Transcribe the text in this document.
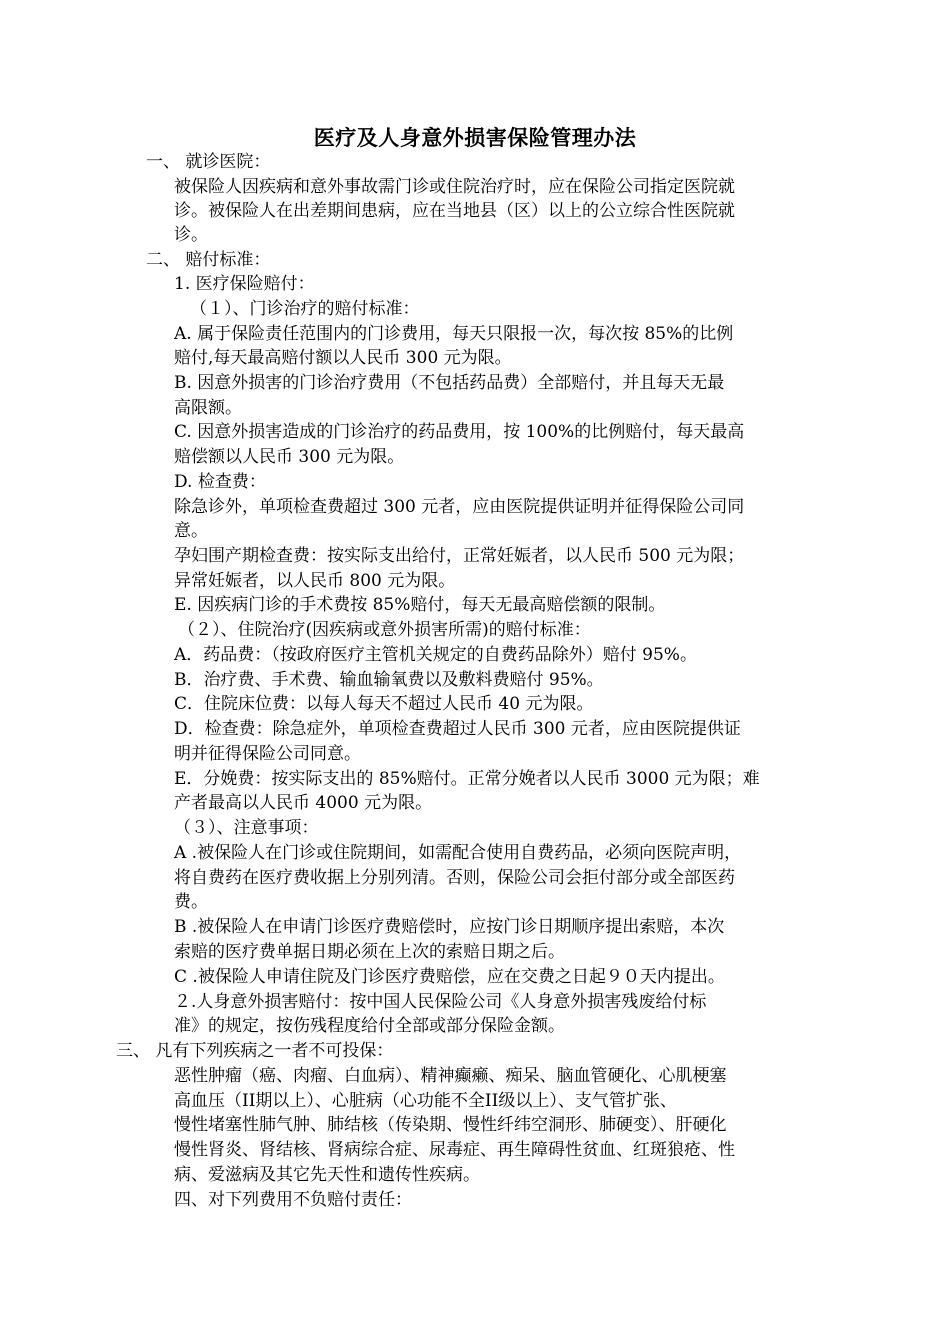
医疗及人身意外损害保险管理办法
一、 就诊医院：
被保险人因疾病和意外事故需门诊或住院治疗时，应在保险公司指定医院就
诊。被保险人在出差期间患病，应在当地县（区）以上的公立综合性医院就
诊。
二、 赔付标准：
1. 医疗保险赔付：
（１）、门诊治疗的赔付标准：
A. 属于保险责任范围内的门诊费用，每天只限报一次，每次按 85%的比例
赔付,每天最高赔付额以人民币 300 元为限。
B. 因意外损害的门诊治疗费用（不包括药品费）全部赔付，并且每天无最
高限额。
C. 因意外损害造成的门诊治疗的药品费用，按 100%的比例赔付，每天最高
赔偿额以人民币 300 元为限。
D. 检查费：
除急诊外，单项检查费超过 300 元者，应由医院提供证明并征得保险公司同
意。
孕妇围产期检查费：按实际支出给付，正常妊娠者，以人民币 500 元为限；
异常妊娠者，以人民币 800 元为限。
E. 因疾病门诊的手术费按 85%赔付，每天无最高赔偿额的限制。
（２）、住院治疗(因疾病或意外损害所需)的赔付标准：
A．药品费：（按政府医疗主管机关规定的自费药品除外）赔付 95%。
B．治疗费、手术费、输血输氧费以及敷料费赔付 95%。
C．住院床位费：以每人每天不超过人民币 40 元为限。
D．检查费：除急症外，单项检查费超过人民币 300 元者，应由医院提供证
明并征得保险公司同意。
E．分娩费：按实际支出的 85%赔付。正常分娩者以人民币 3000 元为限；难
产者最高以人民币 4000 元为限。
（３）、注意事项：
A .被保险人在门诊或住院期间，如需配合使用自费药品，必须向医院声明，
将自费药在医疗费收据上分别列清。否则，保险公司会拒付部分或全部医药
费。
B .被保险人在申请门诊医疗费赔偿时，应按门诊日期顺序提出索赔，本次
索赔的医疗费单据日期必须在上次的索赔日期之后。
C .被保险人申请住院及门诊医疗费赔偿，应在交费之日起９０天内提出。
２.人身意外损害赔付：按中国人民保险公司《人身意外损害残废给付标
准》的规定，按伤残程度给付全部或部分保险金额。
三、 凡有下列疾病之一者不可投保：
恶性肿瘤（癌、肉瘤、白血病）、精神癫癞、痴呆、脑血管硬化、心肌梗塞
高血压（ⅠⅠ期以上）、心脏病（心功能不全ⅠⅠ级以上）、支气管扩张、
慢性堵塞性肺气肿、肺结核（传染期、慢性纤纬空洞形、肺硬变）、肝硬化
慢性肾炎、肾结核、肾病综合症、尿毒症、再生障碍性贫血、红斑狼疮、性
病、爱滋病及其它先天性和遗传性疾病。
四、对下列费用不负赔付责任：
